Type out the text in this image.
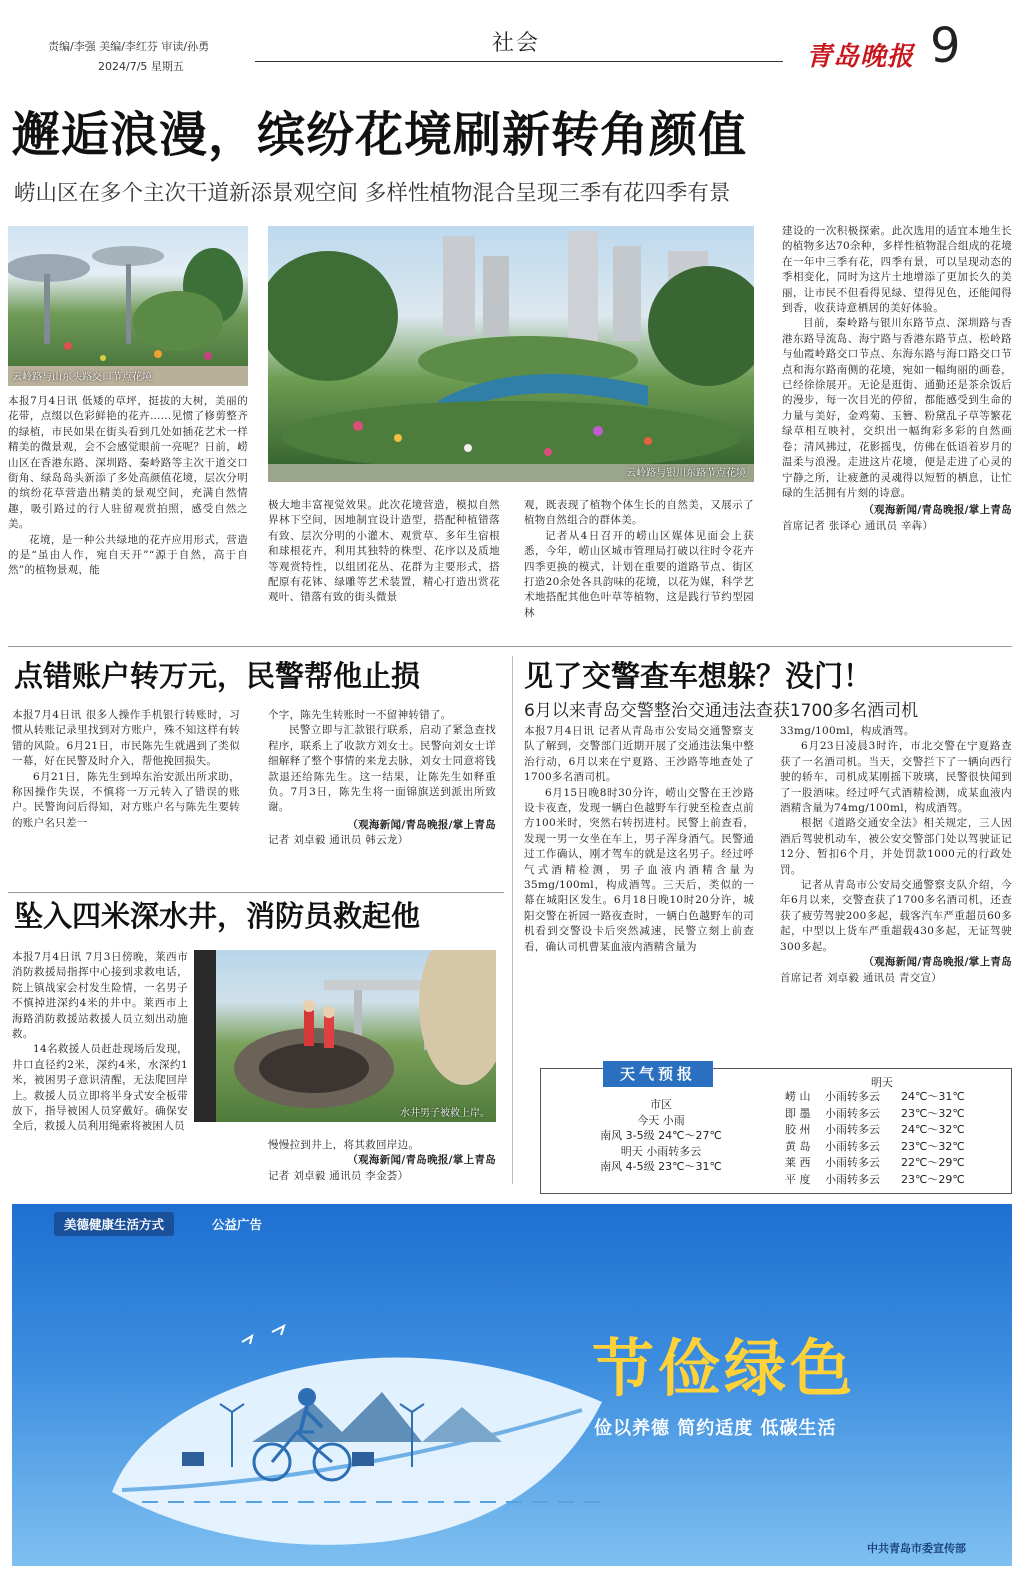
责编/李强 美编/李红芬 审读/孙勇
2024/7/5 星期五
社会	青岛晚报 9
邂逅浪漫，缤纷花境刷新转角颜值
崂山区在多个主次干道新添景观空间 多样性植物混合呈现三季有花四季有景
云岭路与山东头路交口节点花境
云岭路与银川东路节点花境

本报7月4日讯 低矮的草坪，挺拔的大树，美丽的花带，点缀以色彩鲜艳的花卉……见惯了修剪整齐的绿植，市民如果在街头看到几处如插花艺术一样精美的微景观，会不会感觉眼前一亮呢？日前，崂山区在香港东路、深圳路、秦岭路等主次干道交口街角、绿岛岛头新添了多处高颜值花境，层次分明的缤纷花草营造出精美的景观空间，充满自然情趣，吸引路过的行人驻留观赏拍照，感受自然之美。

花境，是一种公共绿地的花卉应用形式，营造的是“虽由人作，宛自天开”“源于自然，高于自然”的植物景观，能

极大地丰富视觉效果。此次花境营造，模拟自然界林下空间，因地制宜设计造型，搭配种植错落有致、层次分明的小灌木、观赏草、多年生宿根和球根花卉，利用其独特的株型、花序以及质地等观赏特性，以组团花丛、花群为主要形式，搭配原有花钵、绿雕等艺术装置，精心打造出赏花观叶、错落有致的街头微景

观，既表现了植物个体生长的自然美，又展示了植物自然组合的群体美。

记者从4日召开的崂山区媒体见面会上获悉，今年，崂山区城市管理局打破以往时令花卉四季更换的模式，计划在重要的道路节点、街区打造20余处各具韵味的花境，以花为媒，科学艺术地搭配其他色叶草等植物，这是践行节约型园林

建设的一次积极探索。此次选用的适宜本地生长的植物多达70余种，多样性植物混合组成的花境在一年中三季有花，四季有景，可以呈现动态的季相变化，同时为这片土地增添了更加长久的美丽，让市民不但看得见绿、望得见色，还能闻得到香，收获诗意栖居的美好体验。

目前，秦岭路与银川东路节点、深圳路与香港东路导流岛、海宁路与香港东路节点、松岭路与仙霞岭路交口节点、东海东路与海口路交口节点和海尔路南侧的花境，宛如一幅绚丽的画卷，已经徐徐展开。无论是逛街、通勤还是茶余饭后的漫步，每一次目光的停留，都能感受到生命的力量与美好，金鸡菊、玉簪、粉黛乱子草等繁花绿草相互映衬，交织出一幅绚彩多彩的自然画卷；清风拂过，花影摇曳，仿佛在低语着岁月的温柔与浪漫。走进这片花境，便是走进了心灵的宁静之所，让疲惫的灵魂得以短暂的栖息，让忙碌的生活拥有片刻的诗意。

（观海新闻/青岛晚报/掌上青岛
首席记者 张译心 通讯员 辛犇）
点错账户转万元，民警帮他止损

本报7月4日讯 很多人操作手机银行转账时，习惯从转账记录里找到对方账户，殊不知这样有转错的风险。6月21日，市民陈先生就遇到了类似一幕，好在民警及时介入，帮他挽回损失。

6月21日，陈先生到埠东治安派出所求助，称因操作失误，不慎将一万元转入了错误的账户。民警询问后得知，对方账户名与陈先生要转的账户名只差一

个字，陈先生转账时一不留神转错了。

民警立即与汇款银行联系，启动了紧急查找程序，联系上了收款方刘女士。民警向刘女士详细解释了整个事情的来龙去脉，刘女士同意将钱款退还给陈先生。这一结果，让陈先生如释重负。7月3日，陈先生将一面锦旗送到派出所致谢。

（观海新闻/青岛晚报/掌上青岛
记者 刘卓毅 通讯员 韩云龙）
坠入四米深水井，消防员救起他
水井男子被救上岸。

本报7月4日讯 7月3日傍晚，莱西市消防救援局指挥中心接到求救电话，院上镇战家会村发生险情，一名男子不慎掉进深约4米的井中。莱西市上海路消防救援站救援人员立刻出动施救。

14名救援人员赶赴现场后发现，井口直径约2米，深约4米，水深约1米，被困男子意识清醒，无法爬回岸上。救援人员立即将半身式安全板带放下，指导被困人员穿戴好。确保安全后，救援人员利用绳索将被困人员

慢慢拉到井上，将其救回岸边。

（观海新闻/青岛晚报/掌上青岛
记者 刘卓毅 通讯员 李金荟）
见了交警查车想躲？没门！
6月以来青岛交警整治交通违法查获1700多名酒司机

本报7月4日讯 记者从青岛市公安局交通警察支队了解到，交警部门近期开展了交通违法集中整治行动，6月以来在宁夏路、王沙路等地查处了1700多名酒司机。

6月15日晚8时30分许，崂山交警在王沙路设卡夜查，发现一辆白色越野车行驶至检查点前方100米时，突然右转拐进村。民警上前查看，发现一男一女坐在车上，男子浑身酒气。民警通过工作确认，刚才驾车的就是这名男子。经过呼气式酒精检测，男子血液内酒精含量为35mg/100ml，构成酒驾。三天后，类似的一幕在城阳区发生。6月18日晚10时20分许，城阳交警在祈园一路夜查时，一辆白色越野车的司机看到交警设卡后突然减速，民警立刻上前查看，确认司机曹某血液内酒精含量为

33mg/100ml，构成酒驾。

6月23日凌晨3时许，市北交警在宁夏路查获了一名酒司机。当天，交警拦下了一辆向西行驶的轿车，司机成某刚摇下玻璃，民警很快闻到了一股酒味。经过呼气式酒精检测，成某血液内酒精含量为74mg/100ml，构成酒驾。

根据《道路交通安全法》相关规定，三人因酒后驾驶机动车，被公安交警部门处以驾驶证记12分、暂扣6个月，并处罚款1000元的行政处罚。

记者从青岛市公安局交通警察支队介绍，今年6月以来，交警查获了1700多名酒司机，还查获了疲劳驾驶200多起，载客汽车严重超员60多起，中型以上货车严重超载430多起，无证驾驶300多起。

（观海新闻/青岛晚报/掌上青岛
首席记者 刘卓毅 通讯员 青交宣）
天气预报
市区
今天 小雨
南风 3-5级 24℃～27℃
明天 小雨转多云
南风 4-5级 23℃～31℃
明天
崂 山 小雨转多云 24℃～31℃
即 墨 小雨转多云 23℃～32℃
胶 州 小雨转多云 24℃～32℃
黄 岛 小雨转多云 23℃～32℃
莱 西 小雨转多云 22℃～29℃
平 度 小雨转多云 23℃～29℃
美德健康生活方式	公益广告
节俭绿色
俭以养德 简约适度 低碳生活
中共青岛市委宣传部
